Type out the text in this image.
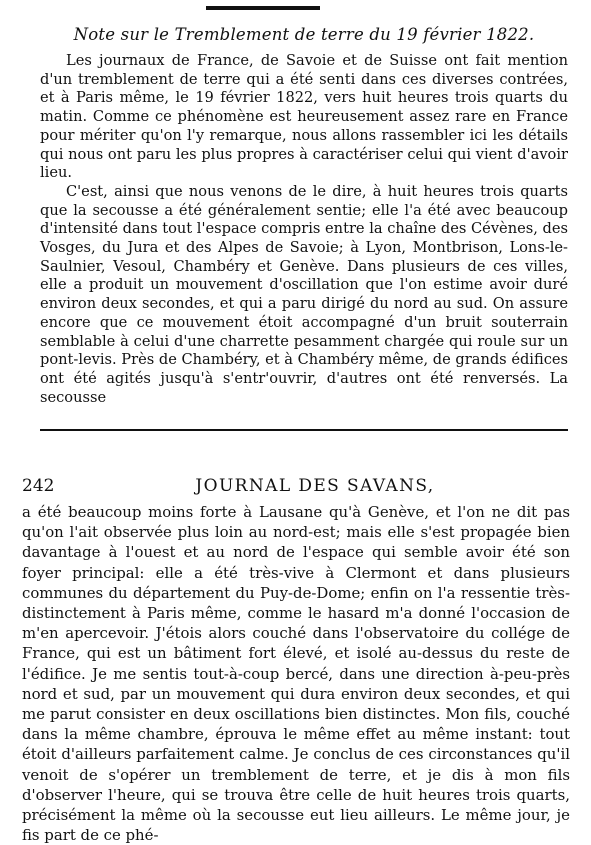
Note sur le Tremblement de terre du 19 février 1822.

Les journaux de France, de Savoie et de Suisse ont fait mention d'un tremblement de terre qui a été senti dans ces diverses contrées, et à Paris même, le 19 février 1822, vers huit heures trois quarts du matin. Comme ce phénomène est heureusement assez rare en France pour mériter qu'on l'y remarque, nous allons rassembler ici les détails qui nous ont paru les plus propres à caractériser celui qui vient d'avoir lieu.

C'est, ainsi que nous venons de le dire, à huit heures trois quarts que la secousse a été généralement sentie; elle l'a été avec beaucoup d'intensité dans tout l'espace compris entre la chaîne des Cévènes, des Vosges, du Jura et des Alpes de Savoie; à Lyon, Montbrison, Lons-le-Saulnier, Vesoul, Chambéry et Genève. Dans plusieurs de ces villes, elle a produit un mouvement d'oscillation que l'on estime avoir duré environ deux secondes, et qui a paru dirigé du nord au sud. On assure encore que ce mouvement étoit accompagné d'un bruit souterrain semblable à celui d'une charrette pesamment chargée qui roule sur un pont-levis. Près de Chambéry, et à Chambéry même, de grands édifices ont été agités jusqu'à s'entr'ouvrir, d'autres ont été renversés. La secousse

242	JOURNAL DES SAVANS,

a été beaucoup moins forte à Lausane qu'à Genève, et l'on ne dit pas qu'on l'ait observée plus loin au nord-est; mais elle s'est propagée bien davantage à l'ouest et au nord de l'espace qui semble avoir été son foyer principal: elle a été très-vive à Clermont et dans plusieurs communes du département du Puy-de-Dome; enfin on l'a ressentie très-distinctement à Paris même, comme le hasard m'a donné l'occasion de m'en apercevoir. J'étois alors couché dans l'observatoire du collége de France, qui est un bâtiment fort élevé, et isolé au-dessus du reste de l'édifice. Je me sentis tout-à-coup bercé, dans une direction à-peu-près nord et sud, par un mouvement qui dura environ deux secondes, et qui me parut consister en deux oscillations bien distinctes. Mon fils, couché dans la même chambre, éprouva le même effet au même instant: tout étoit d'ailleurs parfaitement calme. Je conclus de ces circonstances qu'il venoit de s'opérer un tremblement de terre, et je dis à mon fils d'observer l'heure, qui se trouva être celle de huit heures trois quarts, précisément la même où la secousse eut lieu ailleurs. Le même jour, je fis part de ce phé-
